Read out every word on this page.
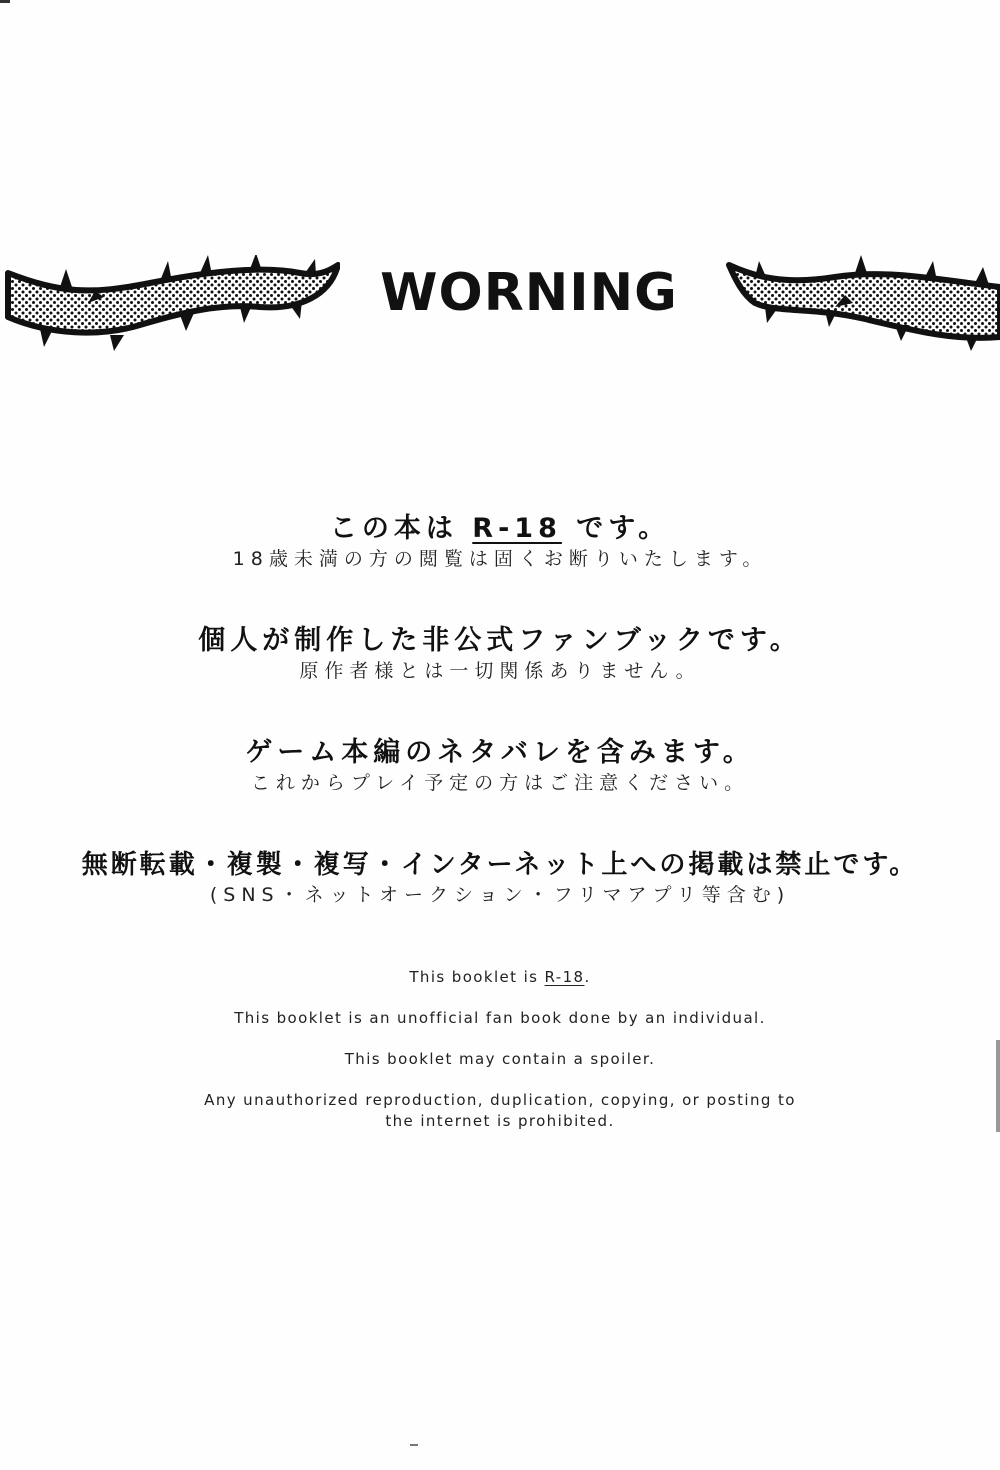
WORNING
この本は R-18 です。
18歳未満の方の閲覧は固くお断りいたします。
個人が制作した非公式ファンブックです。
原作者様とは一切関係ありません。
ゲーム本編のネタバレを含みます。
これからプレイ予定の方はご注意ください。
無断転載・複製・複写・インターネット上への掲載は禁止です。
(SNS・ネットオークション・フリマアプリ等含む)
This booklet is R-18.
This booklet is an unofficial fan book done by an individual.
This booklet may contain a spoiler.
Any unauthorized reproduction, duplication, copying, or posting to
the internet is prohibited.
